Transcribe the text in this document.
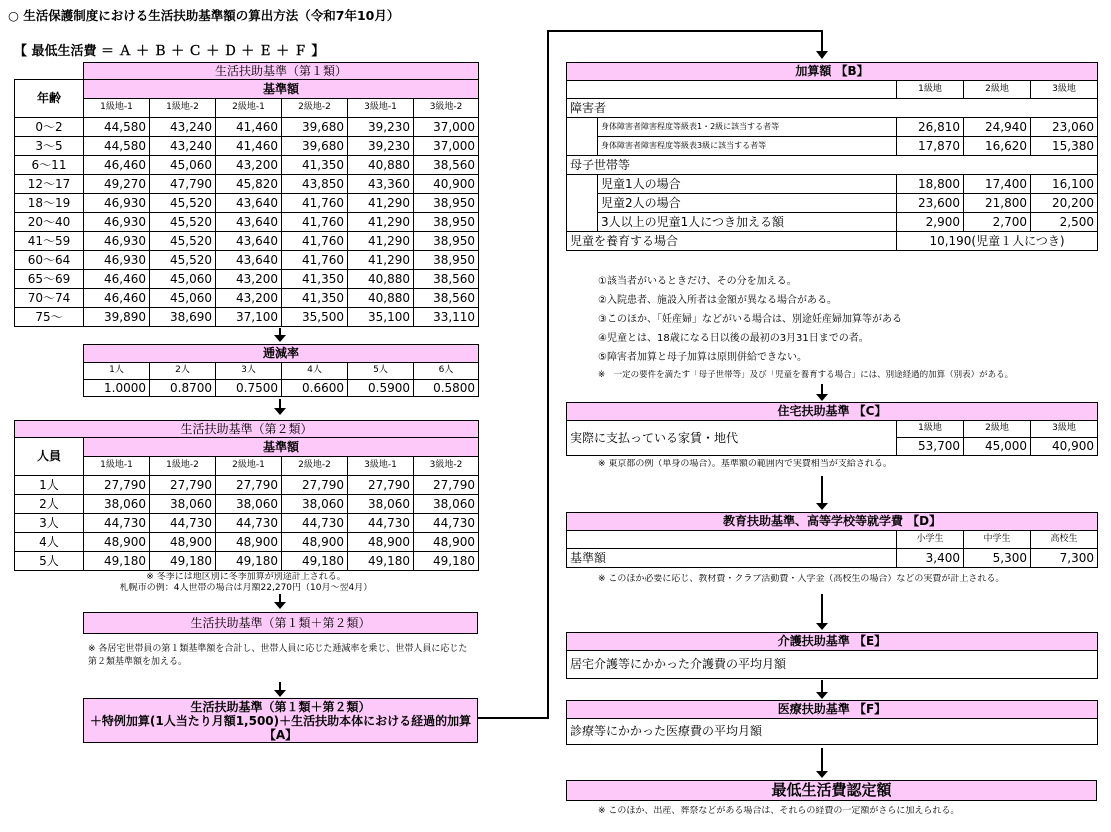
○ 生活保護制度における生活扶助基準額の算出方法（令和7年10月）
【 最低生活費 ＝ Ａ ＋ Ｂ ＋ Ｃ ＋ Ｄ ＋ Ｅ ＋ Ｆ 】
	生活扶助基準（第１類）					
年齢	基準額					
	1級地-1	1級地-2	2級地-1	2級地-2	3級地-1	3級地-2
0〜2	44,580	43,240	41,460	39,680	39,230	37,000
3〜5	44,580	43,240	41,460	39,680	39,230	37,000
6〜11	46,460	45,060	43,200	41,350	40,880	38,560
12〜17	49,270	47,790	45,820	43,850	43,360	40,900
18〜19	46,930	45,520	43,640	41,760	41,290	38,950
20〜40	46,930	45,520	43,640	41,760	41,290	38,950
41〜59	46,930	45,520	43,640	41,760	41,290	38,950
60〜64	46,930	45,520	43,640	41,760	41,290	38,950
65〜69	46,460	45,060	43,200	41,350	40,880	38,560
70〜74	46,460	45,060	43,200	41,350	40,880	38,560
75〜	39,890	38,690	37,100	35,500	35,100	33,110
逓減率					
1人	2人	3人	4人	5人	6人
1.0000	0.8700	0.7500	0.6600	0.5900	0.5800
生活扶助基準（第２類）						
人員	基準額					
	1級地-1	1級地-2	2級地-1	2級地-2	3級地-1	3級地-2
1人	27,790	27,790	27,790	27,790	27,790	27,790
2人	38,060	38,060	38,060	38,060	38,060	38,060
3人	44,730	44,730	44,730	44,730	44,730	44,730
4人	48,900	48,900	48,900	48,900	48,900	48,900
5人	49,180	49,180	49,180	49,180	49,180	49,180
※ 冬季には地区別に冬季加算が別途計上される。
札幌市の例：4人世帯の場合は月額22,270円（10月〜翌4月）
生活扶助基準（第１類＋第２類）
※ 各居宅世帯員の第１類基準額を合計し、世帯人員に応じた逓減率を乗じ、世帯人員に応じた第２類基準額を加える。
生活扶助基準（第１類＋第２類）
＋特例加算(1人当たり月額1,500)＋生活扶助本体における経過的加算【A】
加算額 【B】				
		1級地	2級地	3級地
障害者				
	身体障害者障害程度等級表1・2級に該当する者等	26,810	24,940	23,060
	身体障害者障害程度等級表3級に該当する者等	17,870	16,620	15,380
母子世帯等				
	児童1人の場合	18,800	17,400	16,100
	児童2人の場合	23,600	21,800	20,200
	3人以上の児童1人につき加える額	2,900	2,700	2,500
児童を養育する場合		10,190(児童１人につき)		
①該当者がいるときだけ、その分を加える。
②入院患者、施設入所者は金額が異なる場合がある。
③このほか、「妊産婦」などがいる場合は、別途妊産婦加算等がある
④児童とは、18歳になる日以後の最初の3月31日までの者。
⑤障害者加算と母子加算は原則併給できない。
※　一定の要件を満たす「母子世帯等」及び「児童を養育する場合」には、別途経過的加算（別表）がある。
住宅扶助基準 【C】			
実際に支払っている家賃・地代	1級地	2級地	3級地
	53,700	45,000	40,900
※ 東京都の例（単身の場合）。基準額の範囲内で実費相当が支給される。
教育扶助基準、高等学校等就学費 【D】			
	小学生	中学生	高校生
基準額	3,400	5,300	7,300
※ このほか必要に応じ、教材費・クラブ活動費・入学金（高校生の場合）などの実費が計上される。
介護扶助基準 【E】
居宅介護等にかかった介護費の平均月額
医療扶助基準 【F】
診療等にかかった医療費の平均月額
最低生活費認定額
※ このほか、出産、葬祭などがある場合は、それらの経費の一定額がさらに加えられる。
